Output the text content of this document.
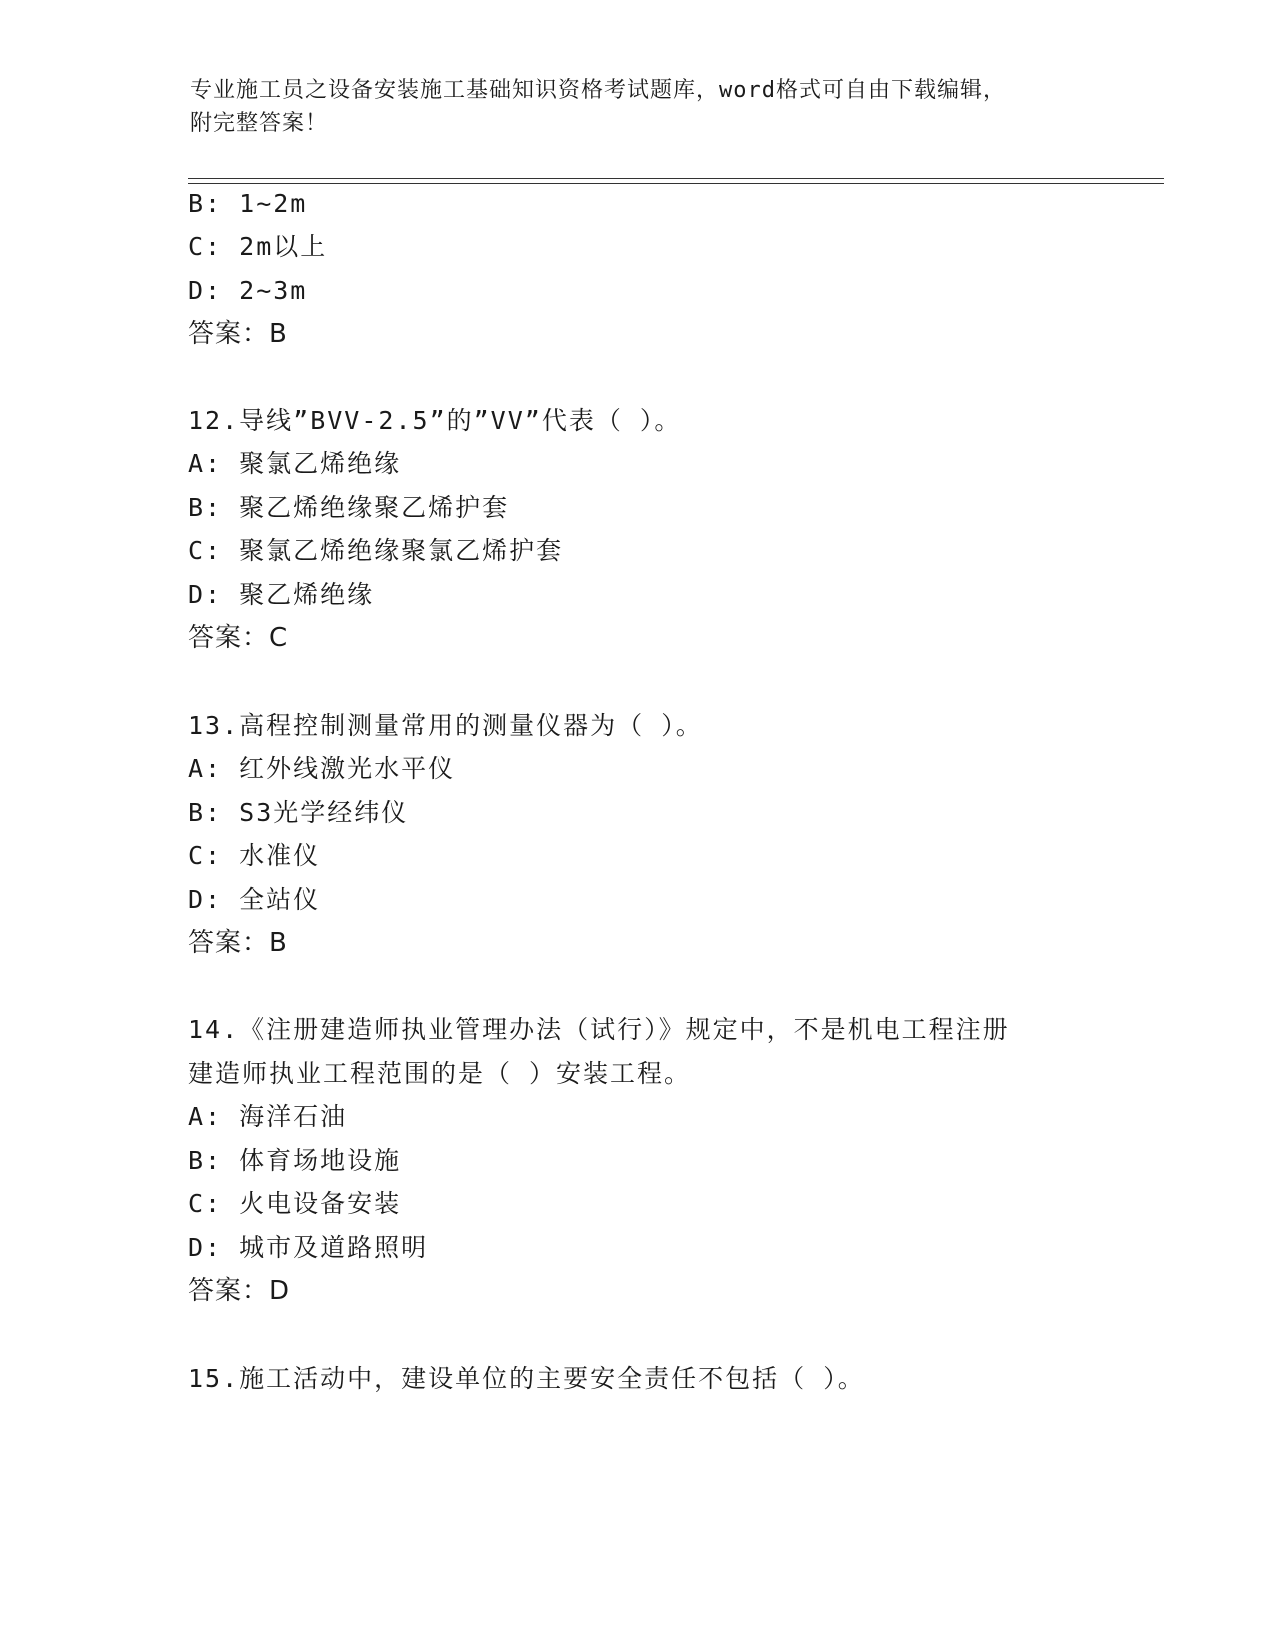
专业施工员之设备安装施工基础知识资格考试题库，word格式可自由下载编辑，
附完整答案！
B: 1~2m
C: 2m以上
D: 2~3m
答案：B
12.导线”BVV-2.5”的”VV”代表（ ）。
A: 聚氯乙烯绝缘
B: 聚乙烯绝缘聚乙烯护套
C: 聚氯乙烯绝缘聚氯乙烯护套
D: 聚乙烯绝缘
答案：C
13.高程控制测量常用的测量仪器为（ ）。
A: 红外线激光水平仪
B: S3光学经纬仪
C: 水准仪
D: 全站仪
答案：B
14.《注册建造师执业管理办法（试行）》规定中，不是机电工程注册
建造师执业工程范围的是（ ）安装工程。
A: 海洋石油
B: 体育场地设施
C: 火电设备安装
D: 城市及道路照明
答案：D
15.施工活动中，建设单位的主要安全责任不包括（ ）。
